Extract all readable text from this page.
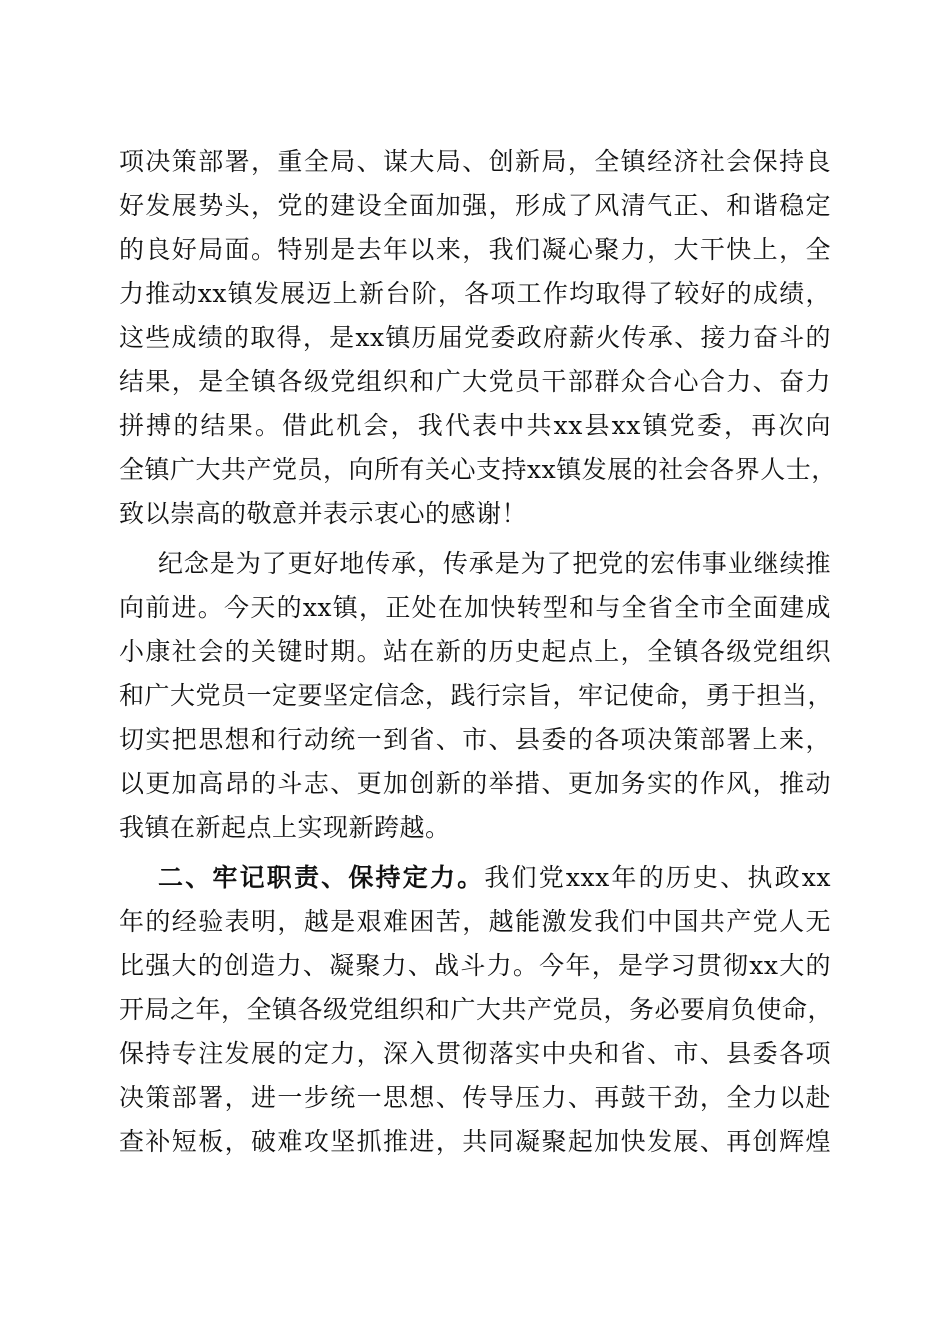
项决策部署，重全局、谋大局、创新局，全镇经济社会保持良
好发展势头，党的建设全面加强，形成了风清气正、和谐稳定
的良好局面。特别是去年以来，我们凝心聚力，大干快上，全
力推动xx镇发展迈上新台阶，各项工作均取得了较好的成绩，
这些成绩的取得，是xx镇历届党委政府薪火传承、接力奋斗的
结果，是全镇各级党组织和广大党员干部群众合心合力、奋力
拼搏的结果。借此机会，我代表中共xx县xx镇党委，再次向
全镇广大共产党员，向所有关心支持xx镇发展的社会各界人士，
致以崇高的敬意并表示衷心的感谢！
纪念是为了更好地传承，传承是为了把党的宏伟事业继续推
向前进。今天的xx镇，正处在加快转型和与全省全市全面建成
小康社会的关键时期。站在新的历史起点上，全镇各级党组织
和广大党员一定要坚定信念，践行宗旨，牢记使命，勇于担当，
切实把思想和行动统一到省、市、县委的各项决策部署上来，
以更加高昂的斗志、更加创新的举措、更加务实的作风，推动
我镇在新起点上实现新跨越。
二、牢记职责、保持定力。我们党xxx年的历史、执政xx
年的经验表明，越是艰难困苦，越能激发我们中国共产党人无
比强大的创造力、凝聚力、战斗力。今年，是学习贯彻xx大的
开局之年，全镇各级党组织和广大共产党员，务必要肩负使命，
保持专注发展的定力，深入贯彻落实中央和省、市、县委各项
决策部署，进一步统一思想、传导压力、再鼓干劲，全力以赴
查补短板，破难攻坚抓推进，共同凝聚起加快发展、再创辉煌
